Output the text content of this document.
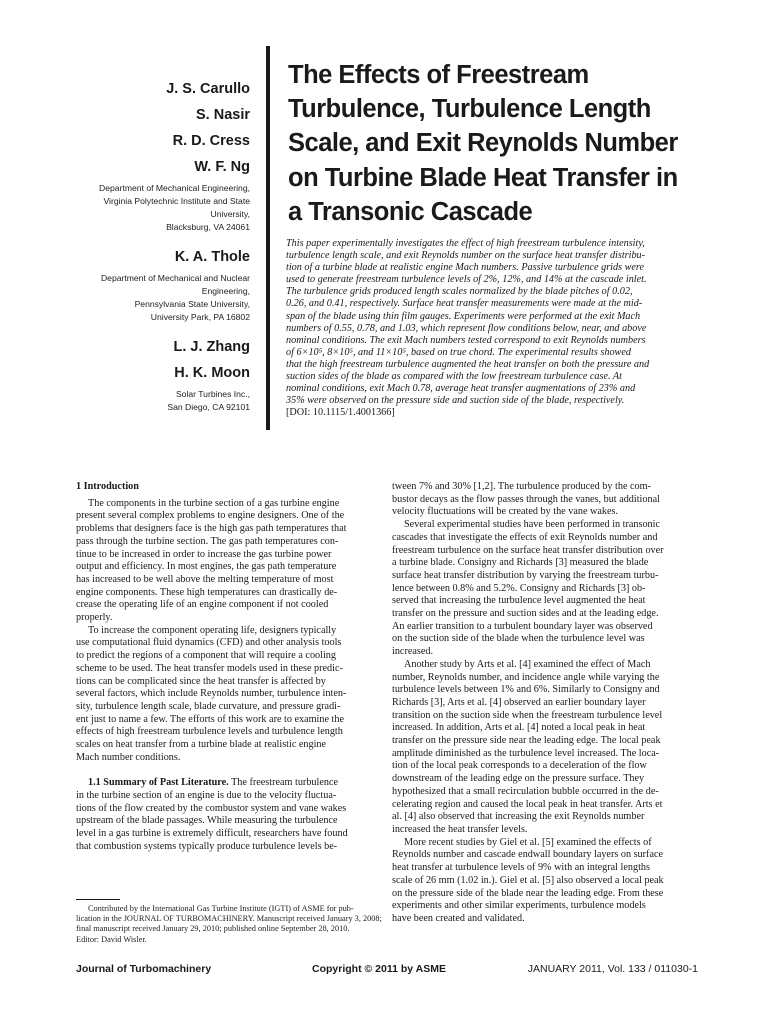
J. S. Carullo

S. Nasir

R. D. Cress

W. F. Ng

Department of Mechanical Engineering,
Virginia Polytechnic Institute and State
University,
Blacksburg, VA 24061

K. A. Thole

Department of Mechanical and Nuclear
Engineering,
Pennsylvania State University,
University Park, PA 16802

L. J. Zhang

H. K. Moon

Solar Turbines Inc.,
San Diego, CA 92101
The Effects of Freestream
Turbulence, Turbulence Length
Scale, and Exit Reynolds Number
on Turbine Blade Heat Transfer in
a Transonic Cascade
This paper experimentally investigates the effect of high freestream turbulence intensity,
turbulence length scale, and exit Reynolds number on the surface heat transfer distribu-
tion of a turbine blade at realistic engine Mach numbers. Passive turbulence grids were
used to generate freestream turbulence levels of 2%, 12%, and 14% at the cascade inlet.
The turbulence grids produced length scales normalized by the blade pitches of 0.02,
0.26, and 0.41, respectively. Surface heat transfer measurements were made at the mid-
span of the blade using thin film gauges. Experiments were performed at the exit Mach
numbers of 0.55, 0.78, and 1.03, which represent flow conditions below, near, and above
nominal conditions. The exit Mach numbers tested correspond to exit Reynolds numbers
of 6×10⁵, 8×10⁵, and 11×10⁵, based on true chord. The experimental results showed
that the high freestream turbulence augmented the heat transfer on both the pressure and
suction sides of the blade as compared with the low freestream turbulence case. At
nominal conditions, exit Mach 0.78, average heat transfer augmentations of 23% and
35% were observed on the pressure side and suction side of the blade, respectively.
[DOI: 10.1115/1.4001366]
1 Introduction
The components in the turbine section of a gas turbine engine
present several complex problems to engine designers. One of the
problems that designers face is the high gas path temperatures that
pass through the turbine section. The gas path temperatures con-
tinue to be increased in order to increase the gas turbine power
output and efficiency. In most engines, the gas path temperature
has increased to be well above the melting temperature of most
engine components. These high temperatures can drastically de-
crease the operating life of an engine component if not cooled
properly.
To increase the component operating life, designers typically
use computational fluid dynamics (CFD) and other analysis tools
to predict the regions of a component that will require a cooling
scheme to be used. The heat transfer models used in these predic-
tions can be complicated since the heat transfer is affected by
several factors, which include Reynolds number, turbulence inten-
sity, turbulence length scale, blade curvature, and pressure gradi-
ent just to name a few. The efforts of this work are to examine the
effects of high freestream turbulence levels and turbulence length
scales on heat transfer from a turbine blade at realistic engine
Mach number conditions.

1.1 Summary of Past Literature. The freestream turbulence
in the turbine section of an engine is due to the velocity fluctua-
tions of the flow created by the combustor system and vane wakes
upstream of the blade passages. While measuring the turbulence
level in a gas turbine is extremely difficult, researchers have found
that combustion systems typically produce turbulence levels be-
tween 7% and 30% [1,2]. The turbulence produced by the com-
bustor decays as the flow passes through the vanes, but additional
velocity fluctuations will be created by the vane wakes.
Several experimental studies have been performed in transonic
cascades that investigate the effects of exit Reynolds number and
freestream turbulence on the surface heat transfer distribution over
a turbine blade. Consigny and Richards [3] measured the blade
surface heat transfer distribution by varying the freestream turbu-
lence between 0.8% and 5.2%. Consigny and Richards [3] ob-
served that increasing the turbulence level augmented the heat
transfer on the pressure and suction sides and at the leading edge.
An earlier transition to a turbulent boundary layer was observed
on the suction side of the blade when the turbulence level was
increased.
Another study by Arts et al. [4] examined the effect of Mach
number, Reynolds number, and incidence angle while varying the
turbulence levels between 1% and 6%. Similarly to Consigny and
Richards [3], Arts et al. [4] observed an earlier boundary layer
transition on the suction side when the freestream turbulence level
increased. In addition, Arts et al. [4] noted a local peak in heat
transfer on the pressure side near the leading edge. The local peak
amplitude diminished as the turbulence level increased. The loca-
tion of the local peak corresponds to a deceleration of the flow
downstream of the leading edge on the pressure surface. They
hypothesized that a small recirculation bubble occurred in the de-
celerating region and caused the local peak in heat transfer. Arts et
al. [4] also observed that increasing the exit Reynolds number
increased the heat transfer levels.
More recent studies by Giel et al. [5] examined the effects of
Reynolds number and cascade endwall boundary layers on surface
heat transfer at turbulence levels of 9% with an integral lengths
scale of 26 mm (1.02 in.). Giel et al. [5] also observed a local peak
on the pressure side of the blade near the leading edge. From these
experiments and other similar experiments, turbulence models
have been created and validated.
Contributed by the International Gas Turbine Institute (IGTI) of ASME for pub-
lication in the JOURNAL OF TURBOMACHINERY. Manuscript received January 3, 2008;
final manuscript received January 29, 2010; published online September 28, 2010.
Editor: David Wisler.
Journal of Turbomachinery	Copyright © 2011 by ASME	JANUARY 2011, Vol. 133 / 011030-1
